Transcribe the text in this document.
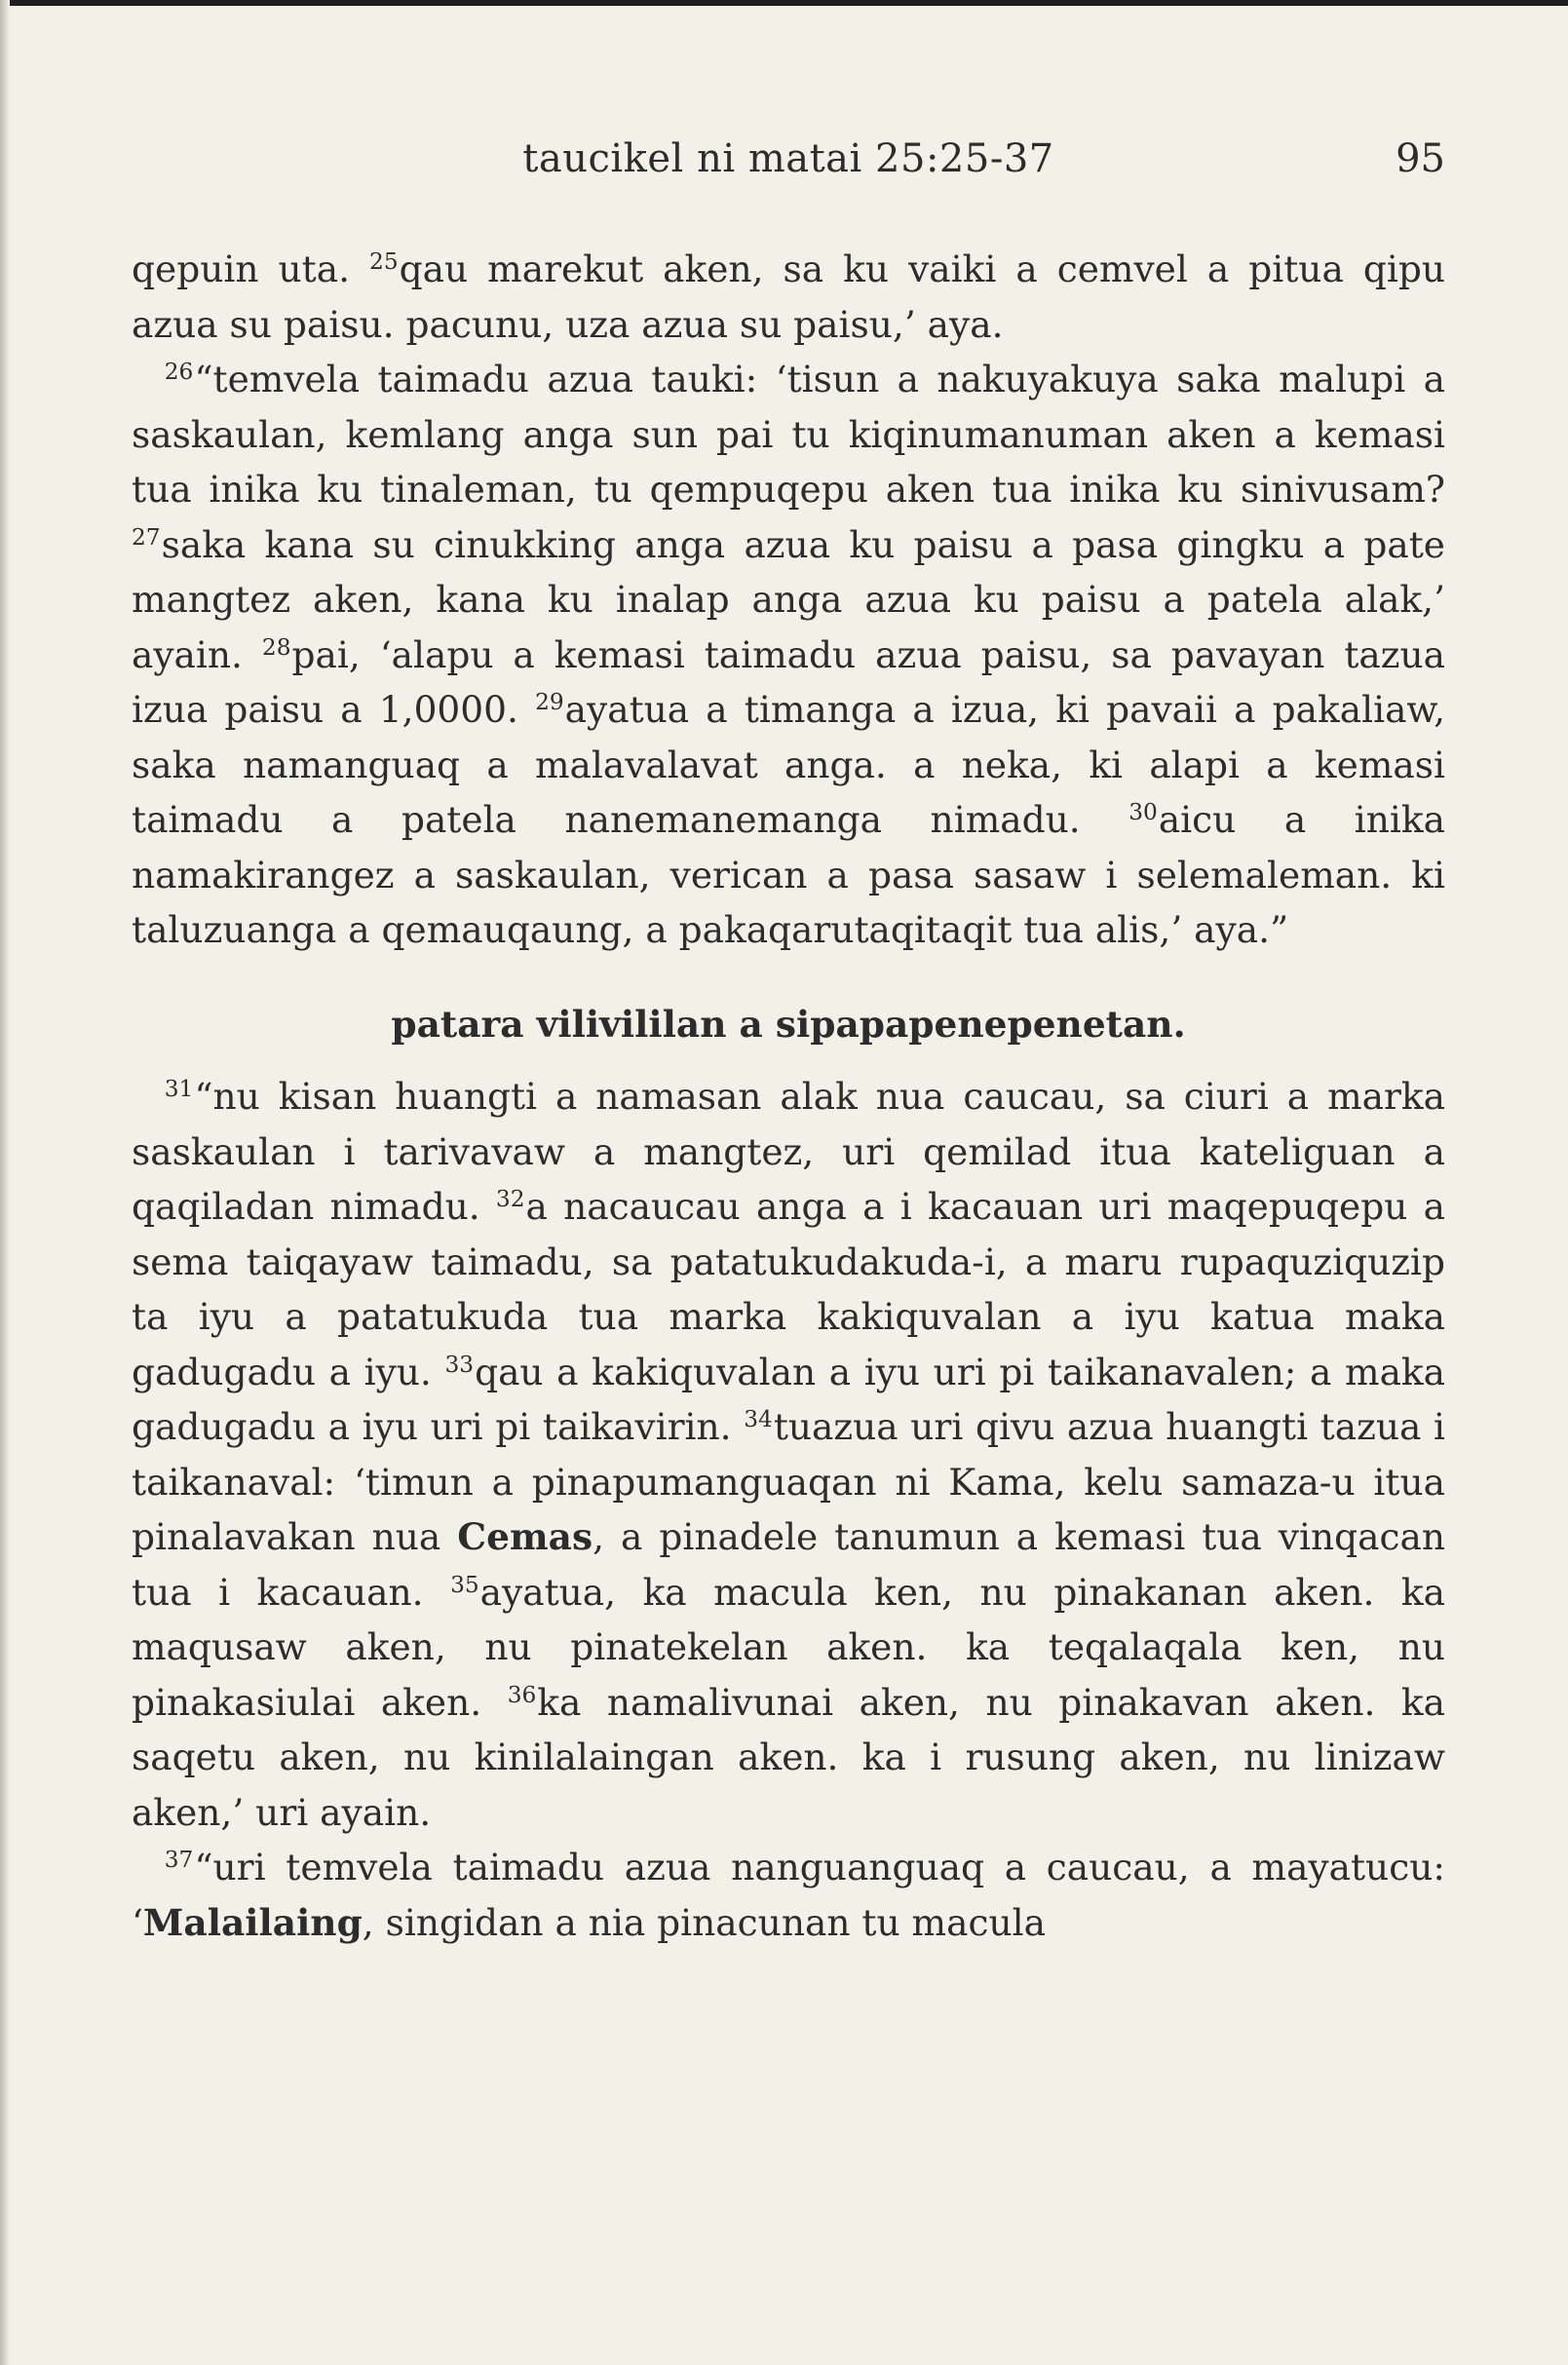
taucikel ni matai 25:25-37	95

qepuin uta. $^{25}$qau marekut aken, sa ku vaiki a cemvel a pitua qipu azua su paisu. pacunu, uza azua su paisu,’ aya.

$^{26}$“temvela taimadu azua tauki: ‘tisun a nakuyakuya saka malupi a saskaulan, kemlang anga sun pai tu kiqinumanuman aken a kemasi tua inika ku tinaleman, tu qempuqepu aken tua inika ku sinivusam? $^{27}$saka kana su cinukking anga azua ku paisu a pasa gingku a pate mangtez aken, kana ku inalap anga azua ku paisu a patela alak,’ ayain. $^{28}$pai, ‘alapu a kemasi taimadu azua paisu, sa pavayan tazua izua paisu a 1,0000. $^{29}$ayatua a timanga a izua, ki pavaii a pakaliaw, saka namanguaq a malavalavat anga. a neka, ki alapi a kemasi taimadu a patela nanemanemanga nimadu. $^{30}$aicu a inika namakirangez a saskaulan, verican a pasa sasaw i selemaleman. ki taluzuanga a qemauqaung, a pakaqarutaqitaqit tua alis,’ aya.”

patara vilivililan a sipapapenepenetan.

$^{31}$“nu kisan huangti a namasan alak nua caucau, sa ciuri a marka saskaulan i tarivavaw a mangtez, uri qemilad itua kateliguan a qaqiladan nimadu. $^{32}$a nacaucau anga a i kacauan uri maqepuqepu a sema taiqayaw taimadu, sa patatukudakuda-i, a maru rupaquziquzip ta iyu a patatukuda tua marka kakiquvalan a iyu katua maka gadugadu a iyu. $^{33}$qau a kakiquvalan a iyu uri pi taikanavalen; a maka gadugadu a iyu uri pi taikavirin. $^{34}$tuazua uri qivu azua huangti tazua i taikanaval: ‘timun a pinapumanguaqan ni Kama, kelu samaza-u itua pinalavakan nua Cemas, a pinadele tanumun a kemasi tua vinqacan tua i kacauan. $^{35}$ayatua, ka macula ken, nu pinakanan aken. ka maqusaw aken, nu pinatekelan aken. ka teqalaqala ken, nu pinakasiulai aken. $^{36}$ka namalivunai aken, nu pinakavan aken. ka saqetu aken, nu kinilalaingan aken. ka i rusung aken, nu linizaw aken,’ uri ayain.

$^{37}$“uri temvela taimadu azua nanguanguaq a caucau, a mayatucu: ‘Malailaing, singidan a nia pinacunan tu macula
